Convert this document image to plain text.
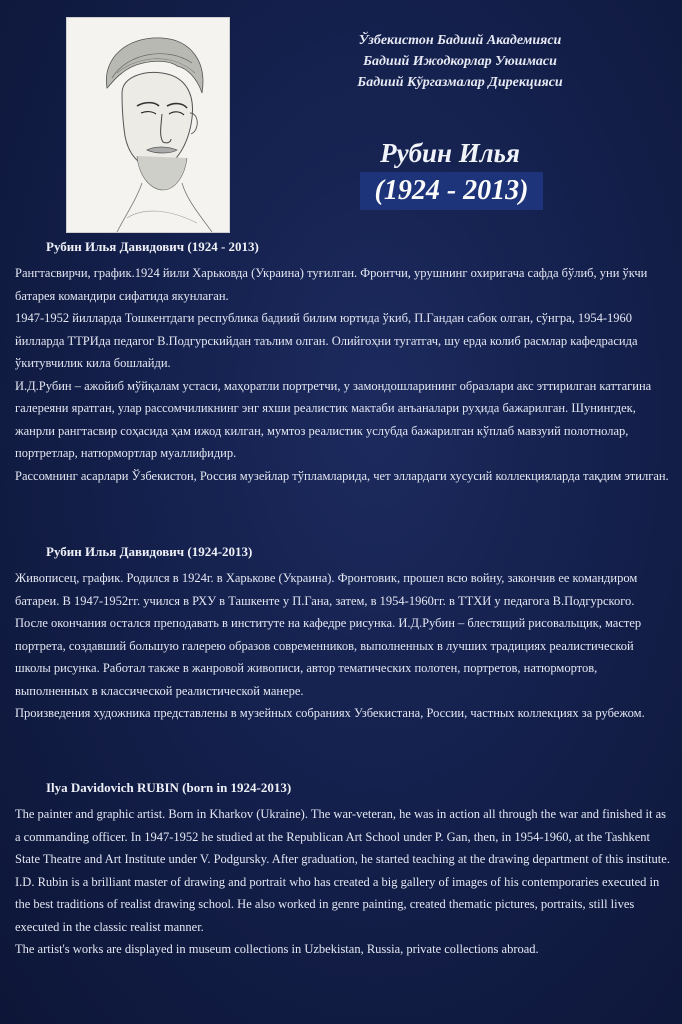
Ўзбекистон Бадиий Академияси
Бадиий Ижодкорлар Уюшмаси
Бадиий Кўргазмалар Дирекцияси
Рубин Илья
(1924 - 2013)
Рубин Илья Давидович (1924 - 2013)

Рангтасвирчи, график.1924 йили Харьковда (Украина) туғилган. Фронтчи, урушнинг охиригача сафда бўлиб, уни ўкчи батарея командири сифатида якунлаган.

1947-1952 йилларда Тошкентдаги республика бадиий билим юртида ўкиб, П.Гандан сабок олган, сўнгра, 1954-1960 йилларда ТТРИда педагог В.Подгурскийдан таълим олган. Олийгоҳни тугатгач, шу ерда колиб расмлар кафедрасида ўкитувчилик кила бошлайди.

И.Д.Рубин – ажойиб мўйқалам устаси, маҳоратли портретчи, у замондошларининг образлари акс эттирилган каттагина галереяни яратган, улар рассомчиликнинг энг яхши реалистик мактаби анъаналари руҳида бажарилган. Шунингдек, жанрли рангтасвир соҳасида ҳам ижод килган, мумтоз реалистик услубда бажарилган кўплаб мавзуий полотнолар, портретлар, натюрмортлар муаллифидир.

Рассомнинг асарлари Ўзбекистон, Россия музейлар тўпламларида, чет эллардаги хусусий коллекцияларда тақдим этилган.

Рубин Илья Давидович (1924-2013)

Живописец, график. Родился в 1924г. в Харькове (Украина). Фронтовик, прошел всю войну, закончив ее командиром батареи. В 1947-1952гг. учился в РХУ в Ташкенте у П.Гана, затем, в 1954-1960гг. в ТТХИ у педагога В.Подгурского. После окончания остался преподавать в институте на кафедре рисунка. И.Д.Рубин – блестящий рисовальщик, мастер портрета, создавший большую галерею образов современников, выполненных в лучших традициях реалистической школы рисунка. Работал также в жанровой живописи, автор тематических полотен, портретов, натюрмортов, выполненных в классической реалистической манере.

Произведения художника представлены в музейных собраниях Узбекистана, России, частных коллекциях за рубежом.

Ilya Davidovich RUBIN (born in 1924-2013)

The painter and graphic artist. Born in Kharkov (Ukraine). The war-veteran, he was in action all through the war and finished it as a commanding officer. In 1947-1952 he studied at the Republican Art School under P. Gan, then, in 1954-1960, at the Tashkent State Theatre and Art Institute under V. Podgursky. After graduation, he started teaching at the drawing department of this institute.

I.D. Rubin is a brilliant master of drawing and portrait who has created a big gallery of images of his contemporaries executed in the best traditions of realist drawing school. He also worked in genre painting, created thematic pictures, portraits, still lives executed in the classic realist manner.

The artist's works are displayed in museum collections in Uzbekistan, Russia, private collections abroad.
